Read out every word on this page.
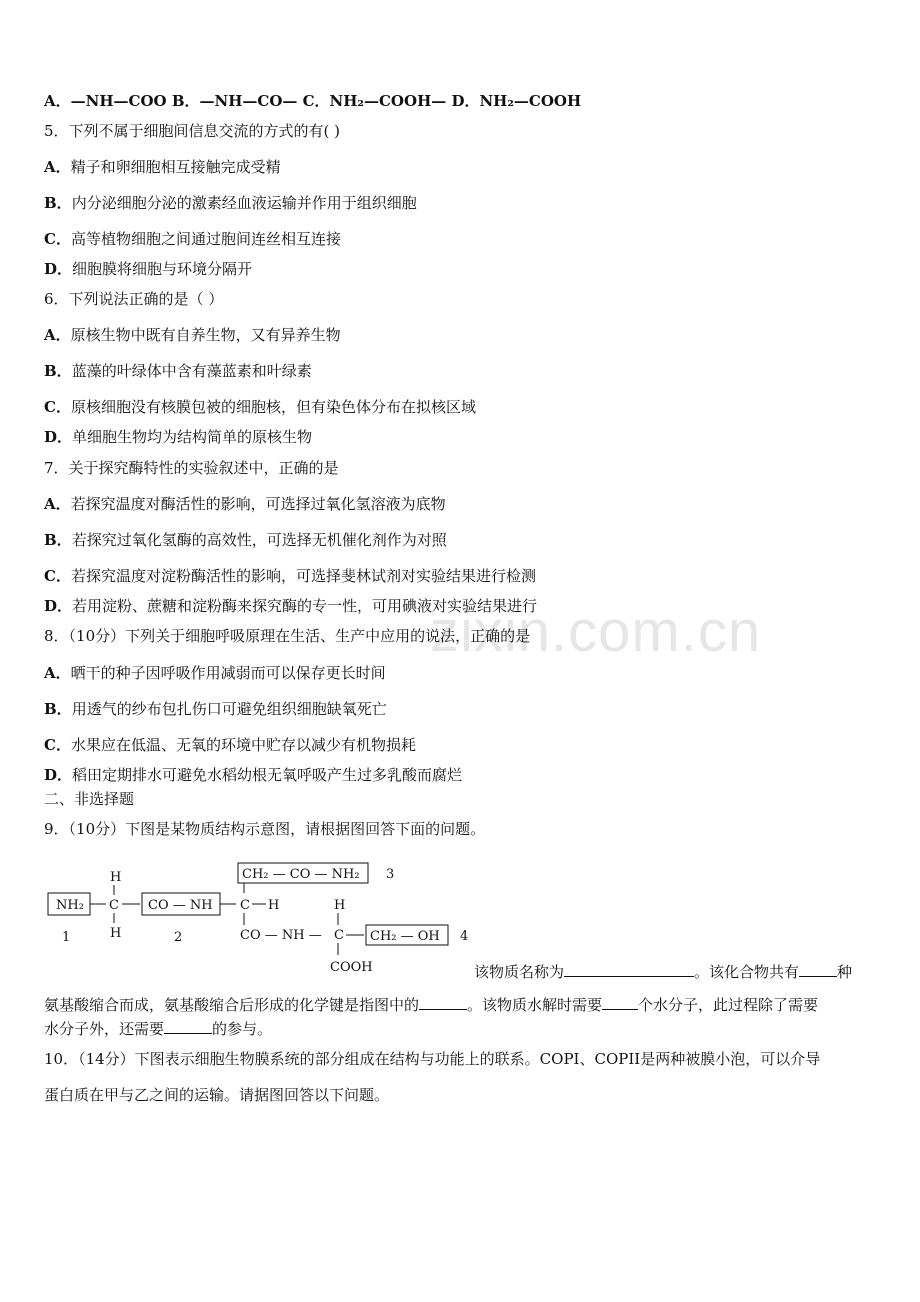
zixin.com.cn
A．—NH—COO B．—NH—CO— C．NH₂—COOH— D．NH₂—COOH
5．下列不属于细胞间信息交流的方式的有( )
A．精子和卵细胞相互接触完成受精
B．内分泌细胞分泌的激素经血液运输并作用于组织细胞
C．高等植物细胞之间通过胞间连丝相互连接
D．细胞膜将细胞与环境分隔开
6．下列说法正确的是（ ）
A．原核生物中既有自养生物，又有异养生物
B．蓝藻的叶绿体中含有藻蓝素和叶绿素
C．原核细胞没有核膜包被的细胞核，但有染色体分布在拟核区域
D．单细胞生物均为结构简单的原核生物
7．关于探究酶特性的实验叙述中，正确的是
A．若探究温度对酶活性的影响，可选择过氧化氢溶液为底物
B．若探究过氧化氢酶的高效性，可选择无机催化剂作为对照
C．若探究温度对淀粉酶活性的影响，可选择斐林试剂对实验结果进行检测
D．若用淀粉、蔗糖和淀粉酶来探究酶的专一性，可用碘液对实验结果进行
8．（10分）下列关于细胞呼吸原理在生活、生产中应用的说法，正确的是
A．晒干的种子因呼吸作用减弱而可以保存更长时间
B．用透气的纱布包扎伤口可避免组织细胞缺氧死亡
C．水果应在低温、无氧的环境中贮存以减少有机物损耗
D．稻田定期排水可避免水稻幼根无氧呼吸产生过多乳酸而腐烂
二、非选择题
9．（10分）下图是某物质结构示意图，请根据图回答下面的问题。
NH₂ C
H
H
CO — NH C H
CH₂ — CO — NH₂ 3
CO — NH — C
H
CH₂ — OH 4
COOH
1	2
该物质名称为	。该化合物共有	种
氨基酸缩合而成，氨基酸缩合后形成的化学键是指图中的	。该物质水解时需要 个水分子，此过程除了需要
水分子外，还需要	的参与。
10．（14分）下图表示细胞生物膜系统的部分组成在结构与功能上的联系。COPI、COPII是两种被膜小泡，可以介导
蛋白质在甲与乙之间的运输。请据图回答以下问题。
